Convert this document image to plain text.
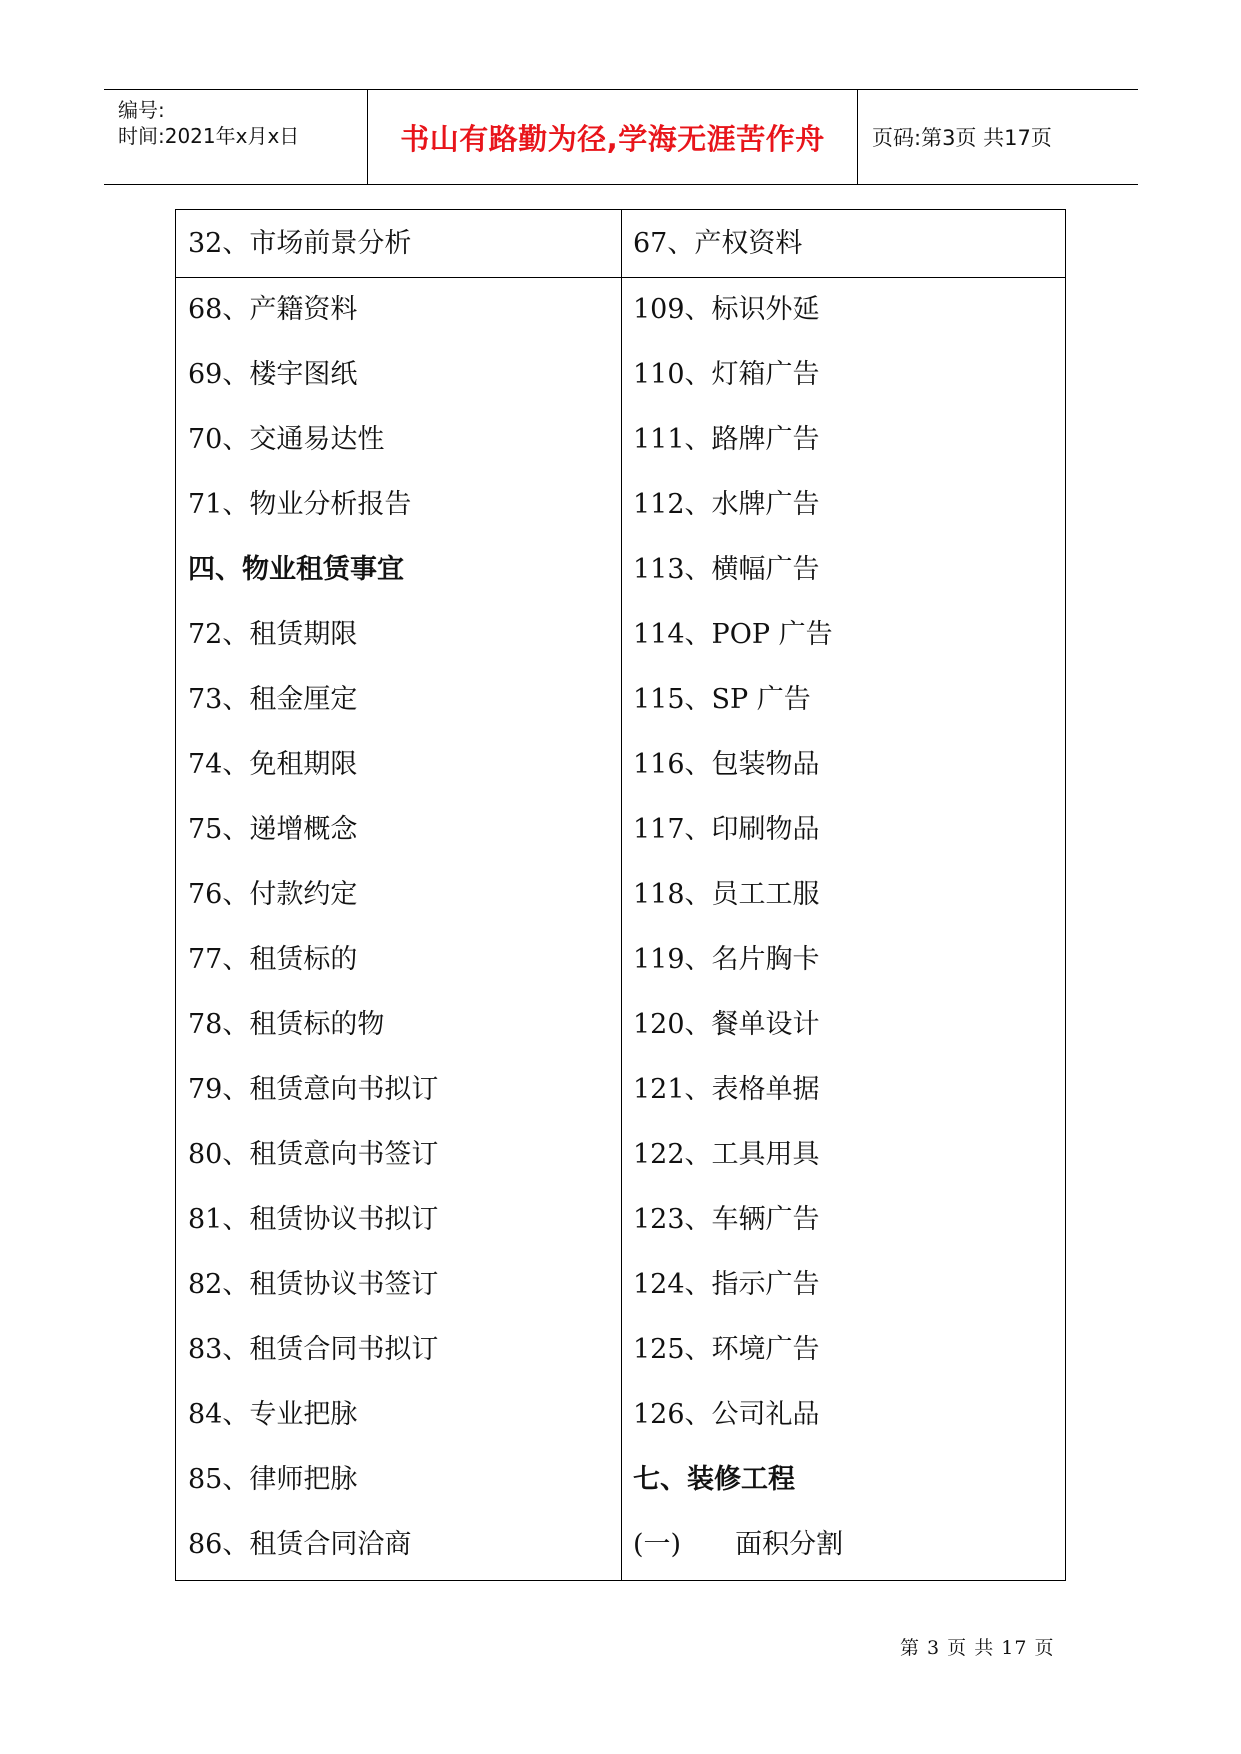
编号:
时间:2021年x月x日	书山有路勤为径,学海无涯苦作舟 页码:第3页 共17页
32、市场前景分析
68、产籍资料
69、楼宇图纸
70、交通易达性
71、物业分析报告
四、物业租赁事宜
72、租赁期限
73、租金厘定
74、免租期限
75、递增概念
76、付款约定
77、租赁标的
78、租赁标的物
79、租赁意向书拟订
80、租赁意向书签订
81、租赁协议书拟订
82、租赁协议书签订
83、租赁合同书拟订
84、专业把脉
85、律师把脉
86、租赁合同洽商
67、产权资料
109、标识外延
110、灯箱广告
111、路牌广告
112、水牌广告
113、横幅广告
114、POP 广告
115、SP 广告
116、包装物品
117、印刷物品
118、员工工服
119、名片胸卡
120、餐单设计
121、表格单据
122、工具用具
123、车辆广告
124、指示广告
125、环境广告
126、公司礼品
七、装修工程
(一) 面积分割
第 3 页 共 17 页
